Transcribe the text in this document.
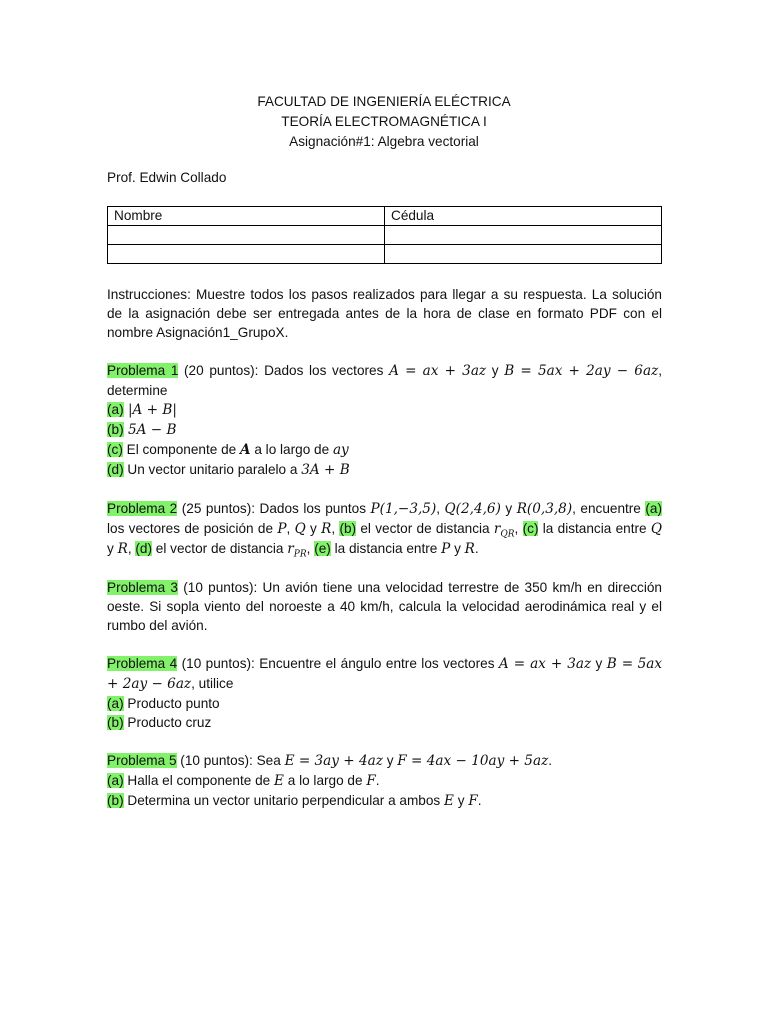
FACULTAD DE INGENIERÍA ELÉCTRICA
TEORÍA ELECTROMAGNÉTICA I
Asignación#1: Algebra vectorial
Prof. Edwin Collado
Nombre	Cédula

Instrucciones: Muestre todos los pasos realizados para llegar a su respuesta. La solución de la asignación debe ser entregada antes de la hora de clase en formato PDF con el nombre Asignación1_GrupoX.
Problema 1 (20 puntos): Dados los vectores A = ax + 3az y B = 5ax + 2ay − 6az, determine
(a) |A + B|
(b) 5A − B
(c) El componente de A a lo largo de ay
(d) Un vector unitario paralelo a 3A + B
Problema 2 (25 puntos): Dados los puntos P(1,−3,5), Q(2,4,6) y R(0,3,8), encuentre (a) los vectores de posición de P, Q y R, (b) el vector de distancia $r_{QR}$, (c) la distancia entre Q y R, (d) el vector de distancia $r_{PR}$, (e) la distancia entre P y R.
Problema 3 (10 puntos): Un avión tiene una velocidad terrestre de 350 km/h en dirección oeste. Si sopla viento del noroeste a 40 km/h, calcula la velocidad aerodinámica real y el rumbo del avión.
Problema 4 (10 puntos): Encuentre el ángulo entre los vectores A = ax + 3az y B = 5ax + 2ay − 6az, utilice
(a) Producto punto
(b) Producto cruz
Problema 5 (10 puntos): Sea E = 3ay + 4az y F = 4ax − 10ay + 5az.
(a) Halla el componente de E a lo largo de F.
(b) Determina un vector unitario perpendicular a ambos E y F.
